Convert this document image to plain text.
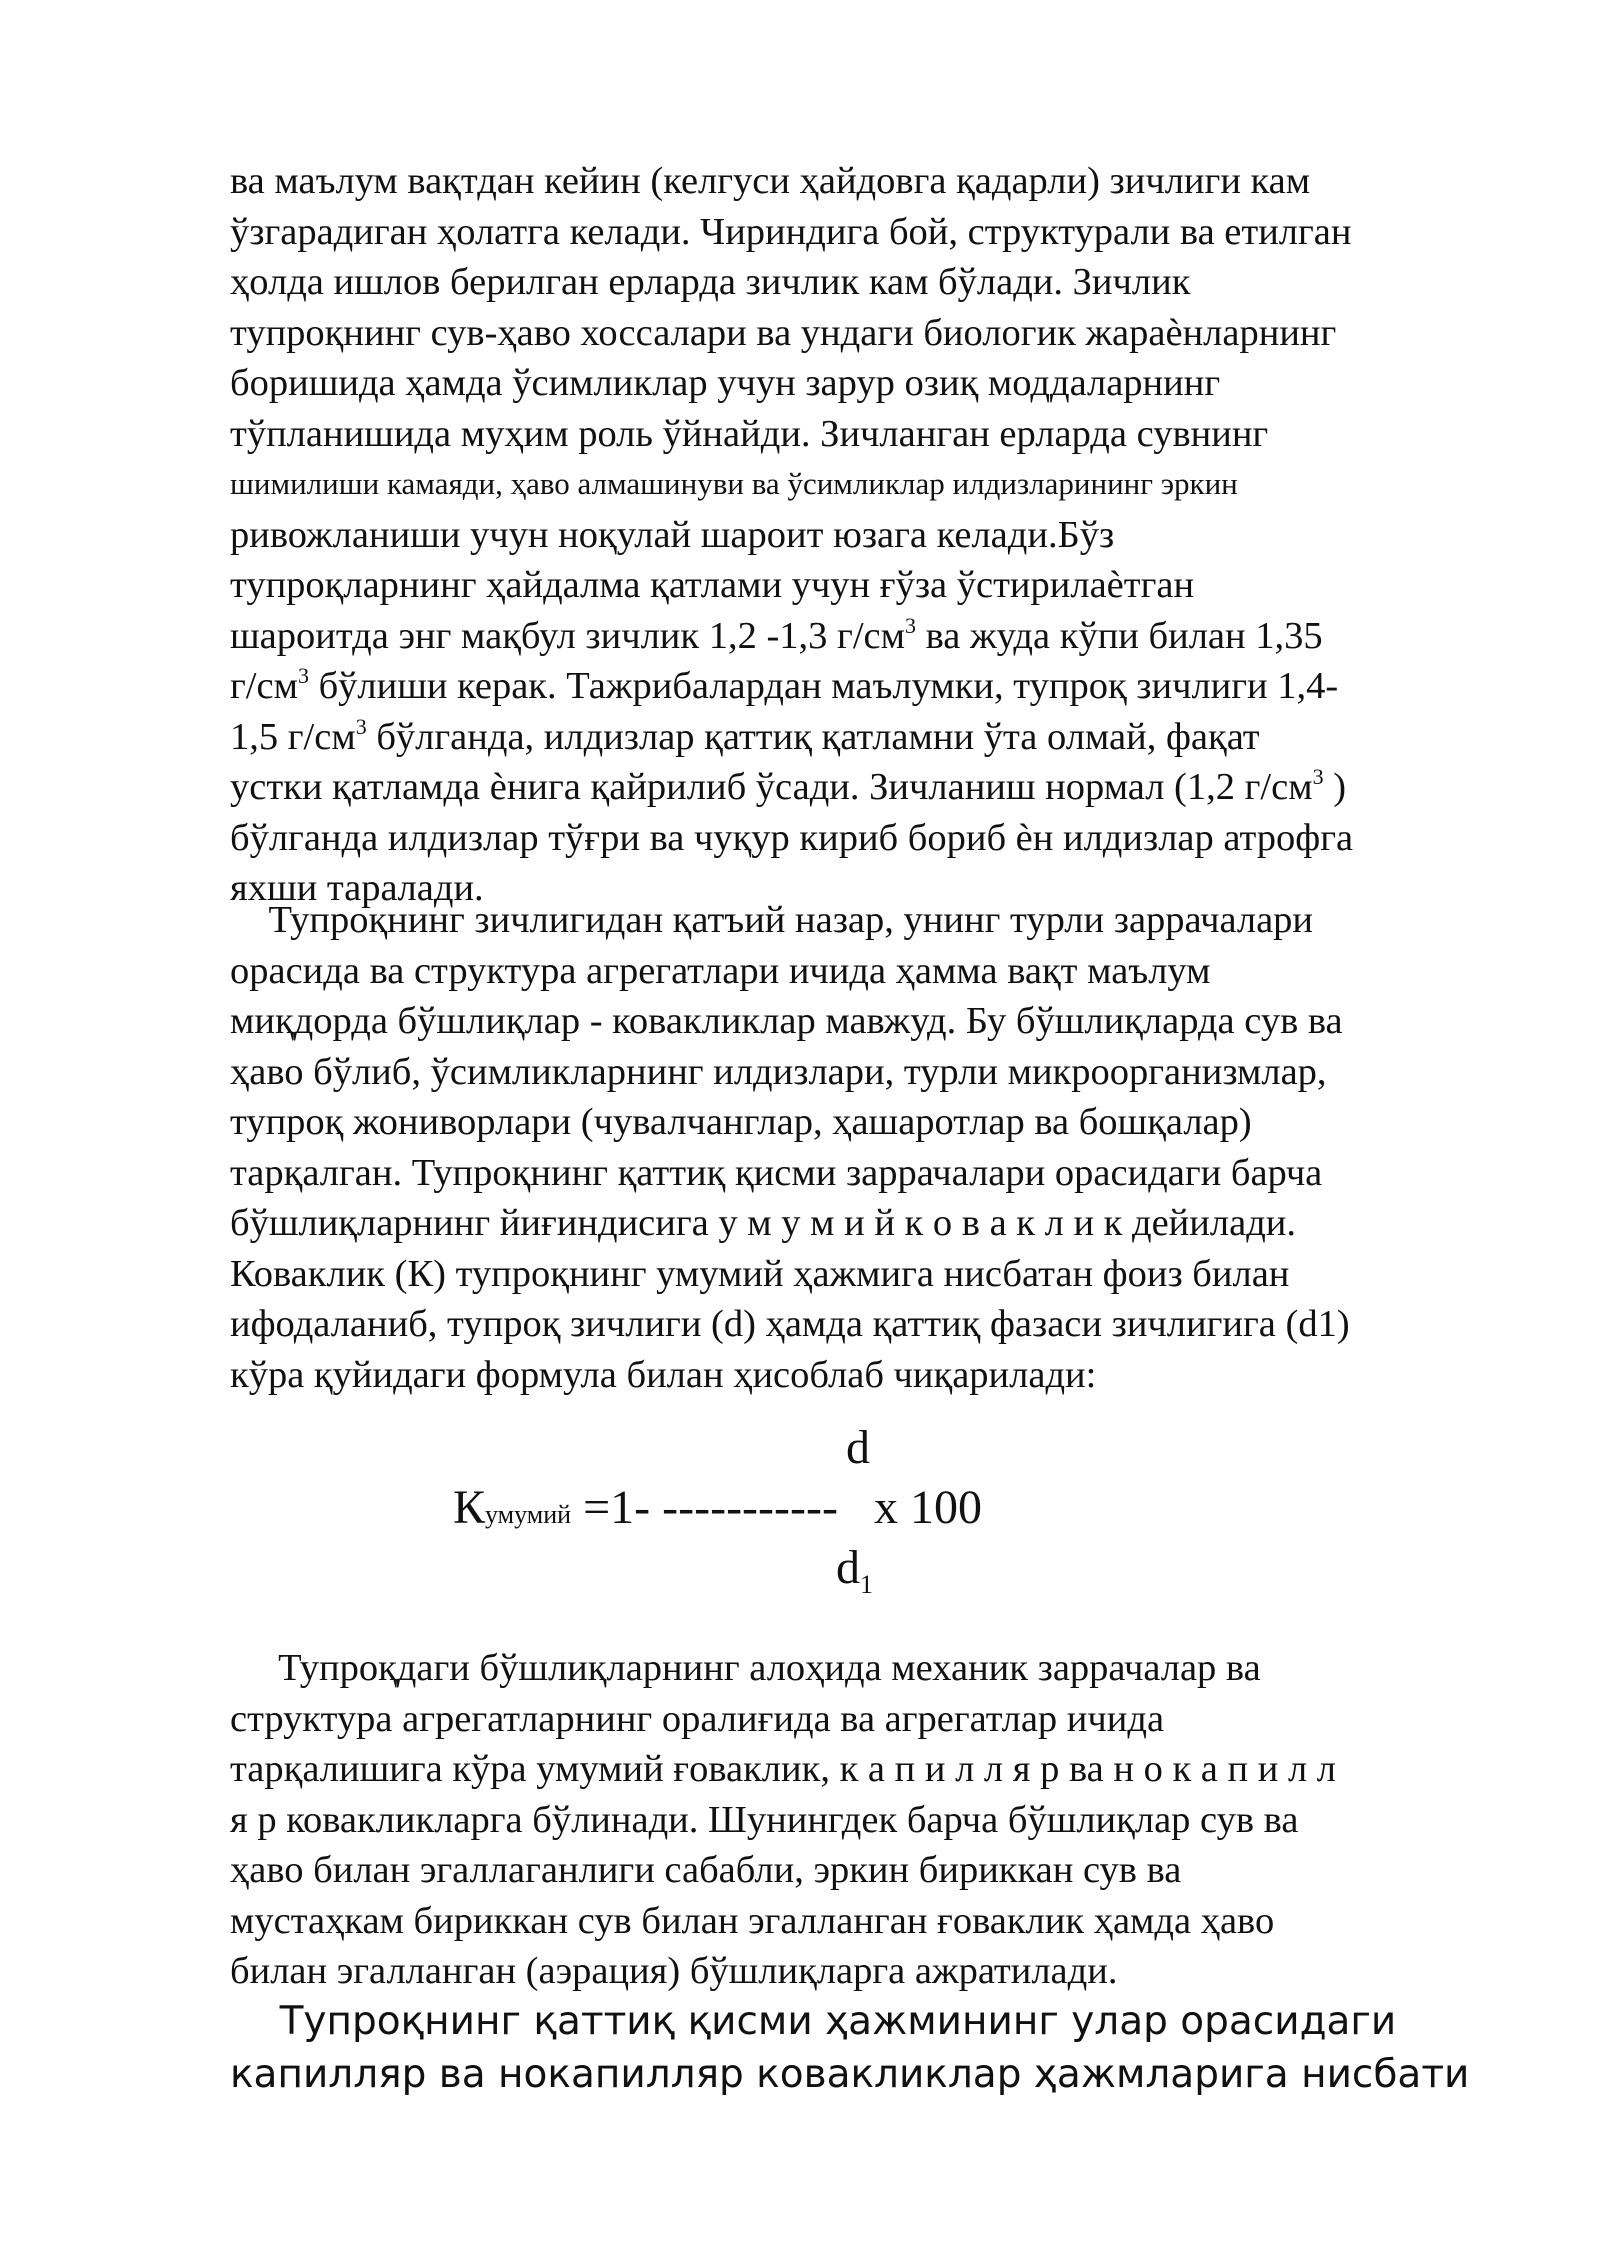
ва маълум вақтдан кейин (келгуси ҳайдовга қадарли) зичлиги кам
ўзгарадиган ҳолатга келади. Чириндига бой, структурали ва етилган
ҳолда ишлов берилган ерларда зичлик кам бўлади. Зичлик
тупроқнинг сув-ҳаво хоссалари ва ундаги биологик жараѐнларнинг
боришида ҳамда ўсимликлар учун зарур озиқ моддаларнинг
тўпланишида муҳим роль ўйнайди. Зичланган ерларда сувнинг
шимилиши камаяди, ҳаво алмашинуви ва ўсимликлар илдизларининг эркин
ривожланиши учун ноқулай шароит юзага келади.Бўз
тупроқларнинг ҳайдалма қатлами учун ғўза ўстирилаѐтган
шароитда энг мақбул зичлик 1,2 -1,3 $г/см^3$ ва жуда кўпи билан 1,35
$г/см^3$ бўлиши керак. Тажрибалардан маълумки, тупроқ зичлиги 1,4-
1,5 $г/см^3$ бўлганда, илдизлар қаттиқ қатламни ўта олмай, фақат
устки қатламда ѐнига қайрилиб ўсади. Зичланиш нормал (1,2 $г/см^3$ )
бўлганда илдизлар тўғри ва чуқур кириб бориб ѐн илдизлар атрофга
яхши тарaлади.
Тупроқнинг зичлигидан қатъий назар, унинг турли заррачалари
орасида ва структура агрегатлари ичида ҳамма вақт маълум
миқдорда бўшлиқлар - ковакликлар мавжуд. Бу бўшлиқларда сув ва
ҳаво бўлиб, ўсимликларнинг илдизлари, турли микроорганизмлар,
тупроқ жониворлари (чувалчанглар, ҳашаротлар ва бошқалар)
тарқалган. Тупроқнинг қаттиқ қисми заррачалари орасидаги барча
бўшлиқларнинг йиғиндисига у м у м и й к о в а к л и к дейилади.
Коваклик (К) тупроқнинг умумий ҳажмига нисбатан фоиз билан
ифодаланиб, тупроқ зичлиги (d) ҳамда қаттиқ фазаси зичлигига (d1)
кўра қуйидаги формула билан ҳисоблаб чиқарилади:
d
Кумумий =1- -----------   x 100
$d_1$
Тупроқдаги бўшлиқларнинг алоҳида механик заррачалар ва
структура агрегатларнинг оралиғида ва агрегатлар ичида
тарқалишига кўра умумий ғоваклик, к а п и л л я р ва н о к а п и л л
я р ковакликларга бўлинади. Шунингдек барча бўшлиқлар сув ва
ҳаво билан эгаллаганлиги сабабли, эркин бириккан сув ва
мустаҳкам бириккан сув билан эгалланган ғоваклик ҳамда ҳаво
билан эгалланган (аэрация) бўшлиқларга ажратилади.
Тупроқнинг қаттиқ қисми ҳажмининг улар орасидаги
капилляр ва нокапилляр ковакликлар ҳажмларига нисбати
